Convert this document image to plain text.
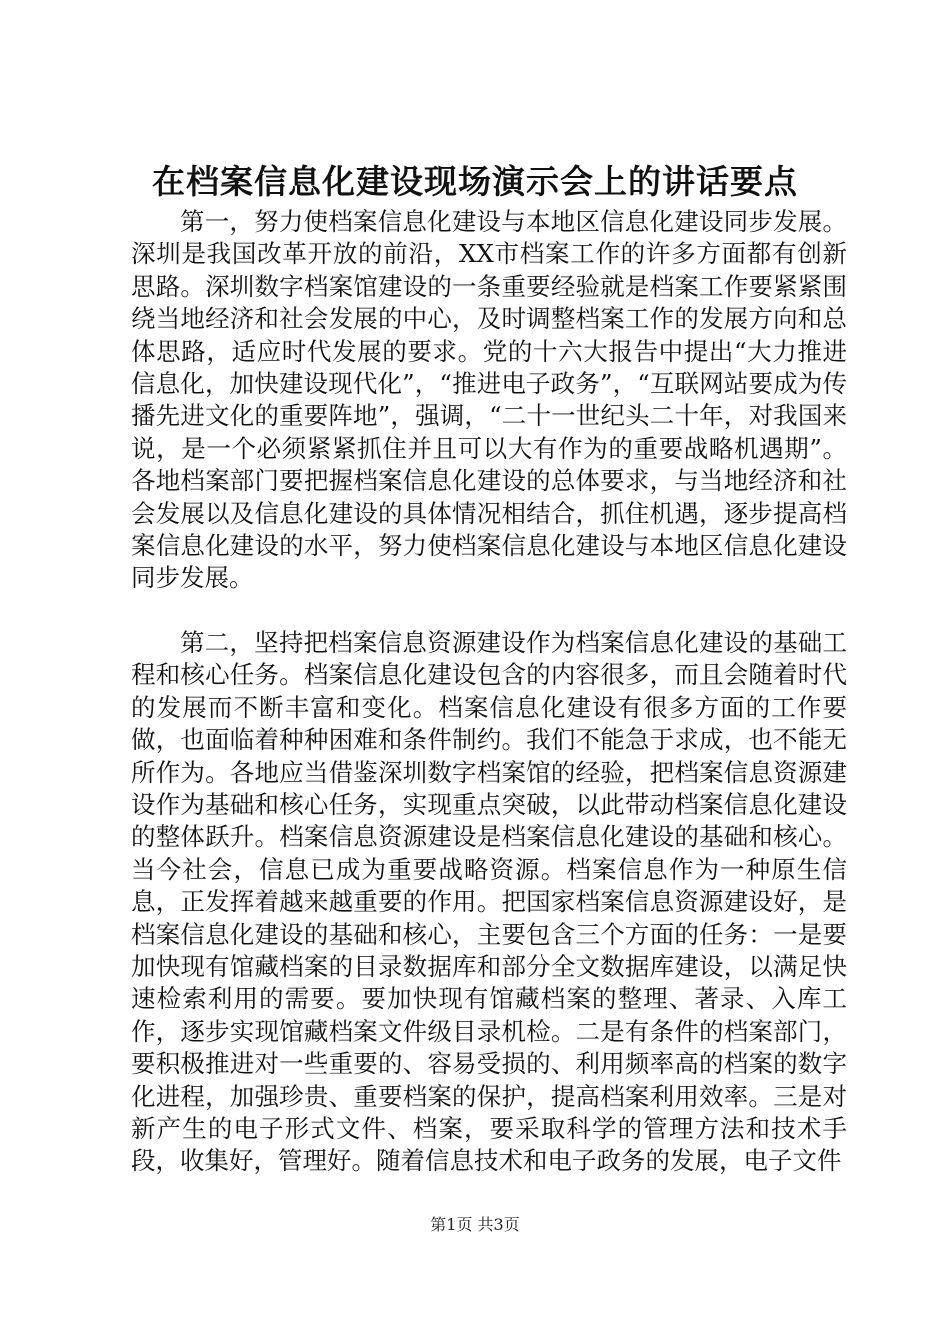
在档案信息化建设现场演示会上的讲话要点

第一，努力使档案信息化建设与本地区信息化建设同步发展。深圳是我国改革开放的前沿，XX市档案工作的许多方面都有创新思路。深圳数字档案馆建设的一条重要经验就是档案工作要紧紧围绕当地经济和社会发展的中心，及时调整档案工作的发展方向和总体思路，适应时代发展的要求。党的十六大报告中提出“大力推进信息化，加快建设现代化”，“推进电子政务”，“互联网站要成为传播先进文化的重要阵地”，强调，“二十一世纪头二十年，对我国来说，是一个必须紧紧抓住并且可以大有作为的重要战略机遇期”。各地档案部门要把握档案信息化建设的总体要求，与当地经济和社会发展以及信息化建设的具体情况相结合，抓住机遇，逐步提高档案信息化建设的水平，努力使档案信息化建设与本地区信息化建设同步发展。

第二，坚持把档案信息资源建设作为档案信息化建设的基础工程和核心任务。档案信息化建设包含的内容很多，而且会随着时代的发展而不断丰富和变化。档案信息化建设有很多方面的工作要做，也面临着种种困难和条件制约。我们不能急于求成，也不能无所作为。各地应当借鉴深圳数字档案馆的经验，把档案信息资源建设作为基础和核心任务，实现重点突破，以此带动档案信息化建设的整体跃升。档案信息资源建设是档案信息化建设的基础和核心。当今社会，信息已成为重要战略资源。档案信息作为一种原生信息，正发挥着越来越重要的作用。把国家档案信息资源建设好，是档案信息化建设的基础和核心，主要包含三个方面的任务：一是要加快现有馆藏档案的目录数据库和部分全文数据库建设，以满足快速检索利用的需要。要加快现有馆藏档案的整理、著录、入库工作，逐步实现馆藏档案文件级目录机检。二是有条件的档案部门，要积极推进对一些重要的、容易受损的、利用频率高的档案的数字化进程，加强珍贵、重要档案的保护，提高档案利用效率。三是对新产生的电子形式文件、档案，要采取科学的管理方法和技术手段，收集好，管理好。随着信息技术和电子政务的发展，电子文件

第1页 共3页
